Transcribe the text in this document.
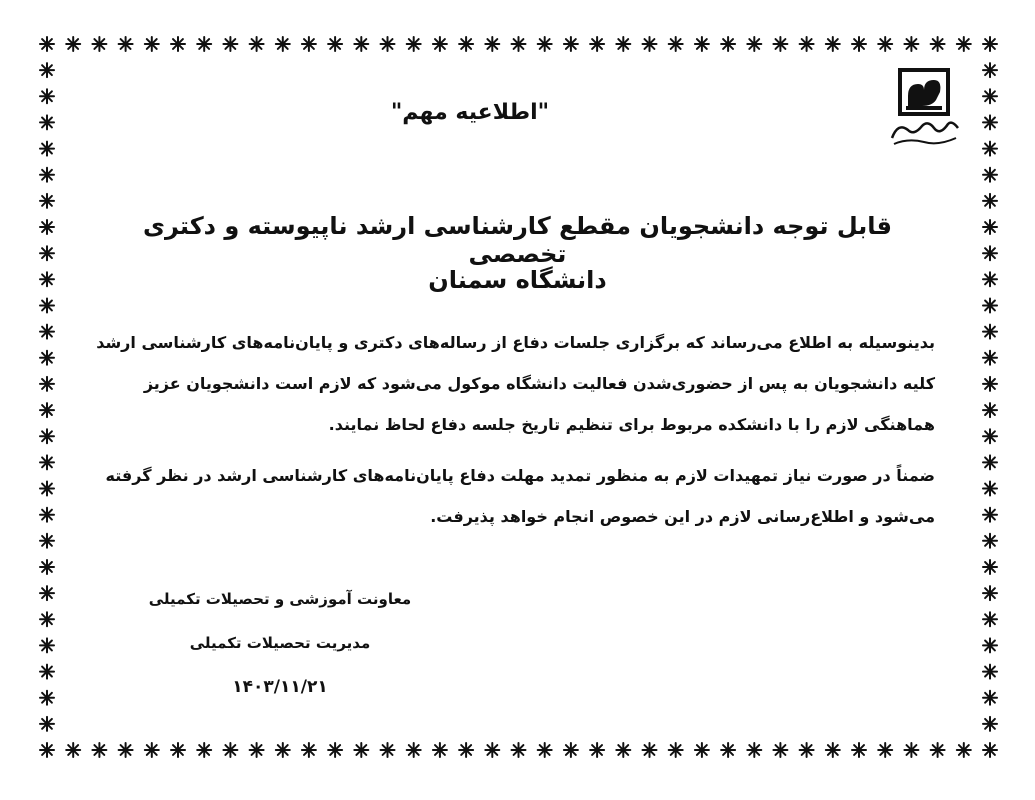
"اطلاعیه مهم"

قابل توجه دانشجویان مقطع کارشناسی ارشد ناپیوسته و دکتری تخصصی

دانشگاه سمنان

بدینوسیله به اطلاع می‌رساند که برگزاری جلسات دفاع از رساله‌های دکتری و پایان‌نامه‌های کارشناسی ارشد کلیه دانشجویان به پس از حضوری‌شدن فعالیت دانشگاه موکول می‌شود که لازم است دانشجویان عزیز هماهنگی لازم را با دانشکده مربوط برای تنظیم تاریخ جلسه دفاع لحاظ نمایند.

ضمناً در صورت نیاز تمهیدات لازم به منظور تمدید مهلت دفاع پایان‌نامه‌های کارشناسی ارشد در نظر گرفته می‌شود و اطلاع‌رسانی لازم در این خصوص انجام خواهد پذیرفت.

معاونت آموزشی و تحصیلات تکمیلی

مدیریت تحصیلات تکمیلی

۱۴۰۳/۱۱/۲۱
